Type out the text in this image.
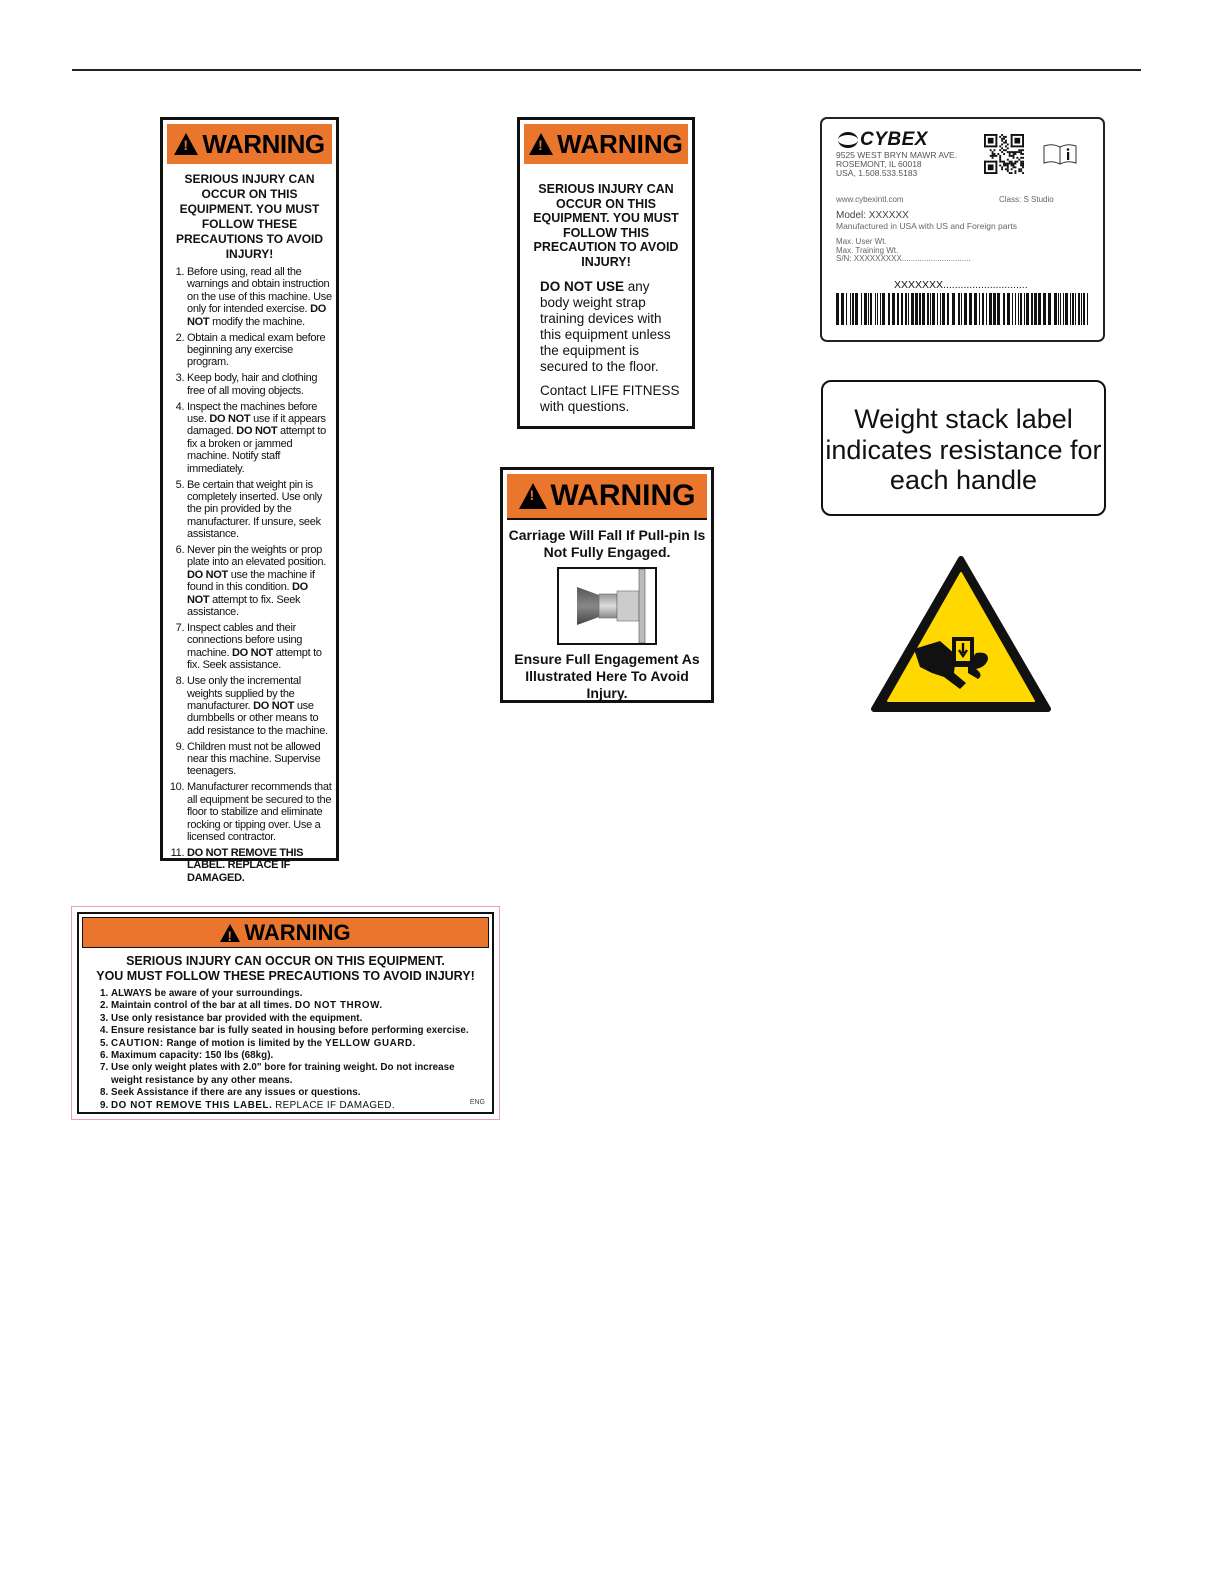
!
WARNING
SERIOUS INJURY CAN OCCUR ON THIS EQUIPMENT. YOU MUST FOLLOW THESE PRECAUTIONS TO AVOID INJURY!
1. Before using, read all the warnings and obtain instruction on the use of this machine. Use only for intended exercise. DO NOT modify the machine.
2. Obtain a medical exam before beginning any exercise program.
3. Keep body, hair and clothing free of all moving objects.
4. Inspect the machines before use. DO NOT use if it appears damaged. DO NOT attempt to fix a broken or jammed machine. Notify staff immediately.
5. Be certain that weight pin is completely inserted. Use only the pin provided by the manufacturer. If unsure, seek assistance.
6. Never pin the weights or prop plate into an elevated position. DO NOT use the machine if found in this condition. DO NOT attempt to fix. Seek assistance.
7. Inspect cables and their connections before using machine. DO NOT attempt to fix. Seek assistance.
8. Use only the incremental weights supplied by the manufacturer. DO NOT use dumbbells or other means to add resistance to the machine.
9. Children must not be allowed near this machine. Supervise teenagers.
10. Manufacturer recommends that all equipment be secured to the floor to stabilize and eliminate rocking or tipping over. Use a licensed contractor.
11. DO NOT REMOVE THIS LABEL. REPLACE IF DAMAGED.
!
WARNING
SERIOUS INJURY CAN OCCUR ON THIS EQUIPMENT. YOU MUST FOLLOW THIS PRECAUTION TO AVOID INJURY!

DO NOT USE any body weight strap training devices with this equipment unless the equipment is secured to the floor.

Contact LIFE FITNESS with questions.

!
WARNING
Carriage Will Fall If Pull-pin Is Not Fully Engaged.
Ensure Full Engagement As Illustrated Here To Avoid Injury.
CYBEX
9525 WEST BRYN MAWR AVE.
ROSEMONT, IL 60018
USA, 1.508.533.5183
www.cybexintl.com	Class: S Studio
Model: XXXXXX
Manufactured in USA with US and Foreign parts
Max. User Wt.
Max. Training Wt.
S/N: XXXXXXXXX...............................
XXXXXXX.............................
Weight stack label indicates resistance for each handle
!
WARNING
SERIOUS INJURY CAN OCCUR ON THIS EQUIPMENT.
YOU MUST FOLLOW THESE PRECAUTIONS TO AVOID INJURY!
1. ALWAYS be aware of your surroundings.
2. Maintain control of the bar at all times. DO NOT THROW.
3. Use only resistance bar provided with the equipment.
4. Ensure resistance bar is fully seated in housing before performing exercise.
5. CAUTION: Range of motion is limited by the YELLOW GUARD.
6. Maximum capacity: 150 lbs (68kg).
7. Use only weight plates with 2.0" bore for training weight. Do not increase weight resistance by any other means.
8. Seek Assistance if there are any issues or questions.
9. DO NOT REMOVE THIS LABEL. REPLACE IF DAMAGED.	ENG
